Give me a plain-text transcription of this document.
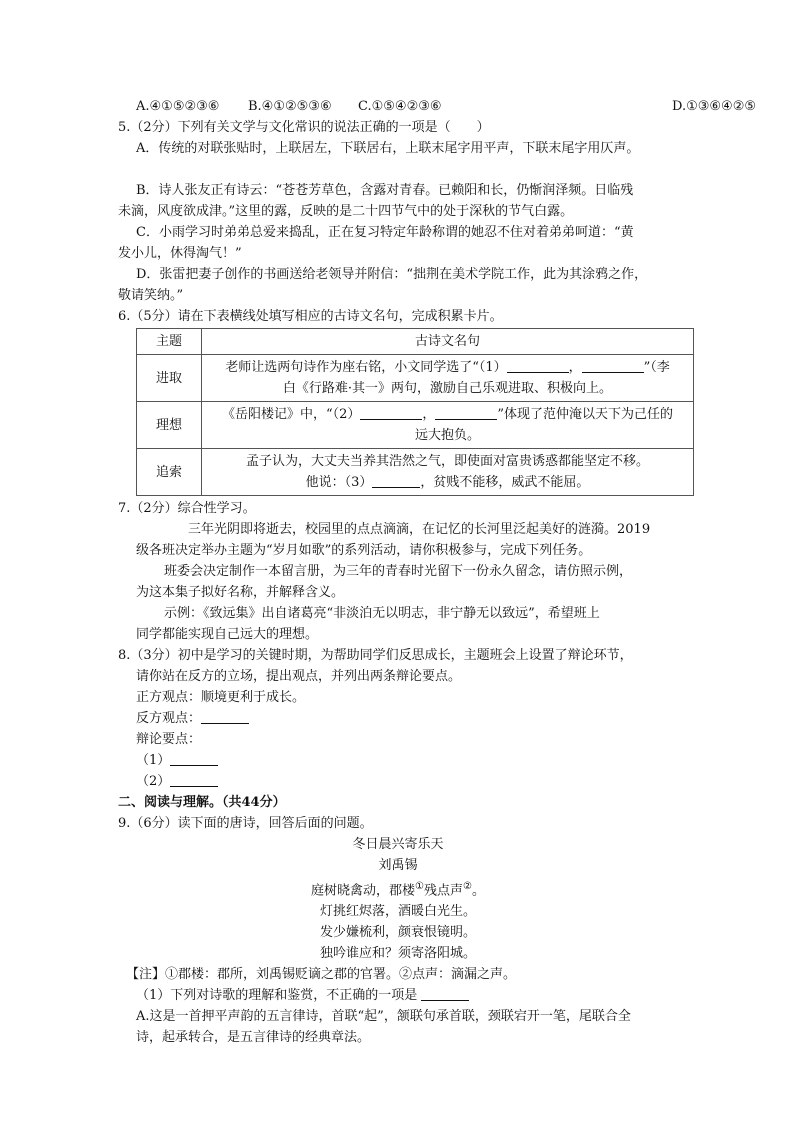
A.④①⑤②③⑥ B.④①②⑤③⑥ C.①⑤④②③⑥	D.①③⑥④②⑤
5.（2分）下列有关文学与文化常识的说法正确的一项是（　　）
A．传统的对联张贴时，上联居左，下联居右，上联末尾字用平声，下联末尾字用仄声。
B．诗人张友正有诗云：“苍苍芳草色，含露对青春。已赖阳和长，仍惭润泽频。日临残
未滴，风度欲成津。”这里的露，反映的是二十四节气中的处于深秋的节气白露。
C．小雨学习时弟弟总爱来捣乱，正在复习特定年龄称谓的她忍不住对着弟弟呵道：“黄
发小儿，休得淘气！”
D．张雷把妻子创作的书画送给老领导并附信：“拙荆在美术学院工作，此为其涂鸦之作，
敬请笑纳。”
6.（5分）请在下表横线处填写相应的古诗文名句，完成积累卡片。
主题	古诗文名句
进取	老师让选两句诗作为座右铭，小文同学选了“（1） ， ”（李
白《行路难·其一》两句，激励自己乐观进取、积极向上。
理想	《岳阳楼记》中，“（2） ， ”体现了范仲淹以天下为己任的
远大抱负。
追索	孟子认为，大丈夫当养其浩然之气，即使面对富贵诱惑都能坚定不移。
他说：（3） ，贫贱不能移，威武不能屈。
7.（2分）综合性学习。
三年光阴即将逝去，校园里的点点滴滴，在记忆的长河里泛起美好的涟漪。2019
级各班决定举办主题为“岁月如歌”的系列活动，请你积极参与，完成下列任务。
班委会决定制作一本留言册，为三年的青春时光留下一份永久留念，请仿照示例，
为这本集子拟好名称，并解释含义。
示例：《致远集》出自诸葛亮“非淡泊无以明志，非宁静无以致远”，希望班上
同学都能实现自己远大的理想。
8.（3分）初中是学习的关键时期，为帮助同学们反思成长，主题班会上设置了辩论环节，
请你站在反方的立场，提出观点，并列出两条辩论要点。
正方观点：顺境更利于成长。
反方观点：
辩论要点：
（1）
（2）
二、阅读与理解。（共44分）
9.（6分）读下面的唐诗，回答后面的问题。
冬日晨兴寄乐天
刘禹锡
庭树晓禽动，郡楼①残点声②。
灯挑红烬落，酒暖白光生。
发少嫌梳利，颜衰恨镜明。
独吟谁应和？须寄洛阳城。
【注】①郡楼：郡所，刘禹锡贬谪之郡的官署。②点声：滴漏之声。
（1）下列对诗歌的理解和鉴赏，不正确的一项是
A.这是一首押平声韵的五言律诗，首联“起”，颔联句承首联，颈联宕开一笔，尾联合全
诗，起承转合，是五言律诗的经典章法。
